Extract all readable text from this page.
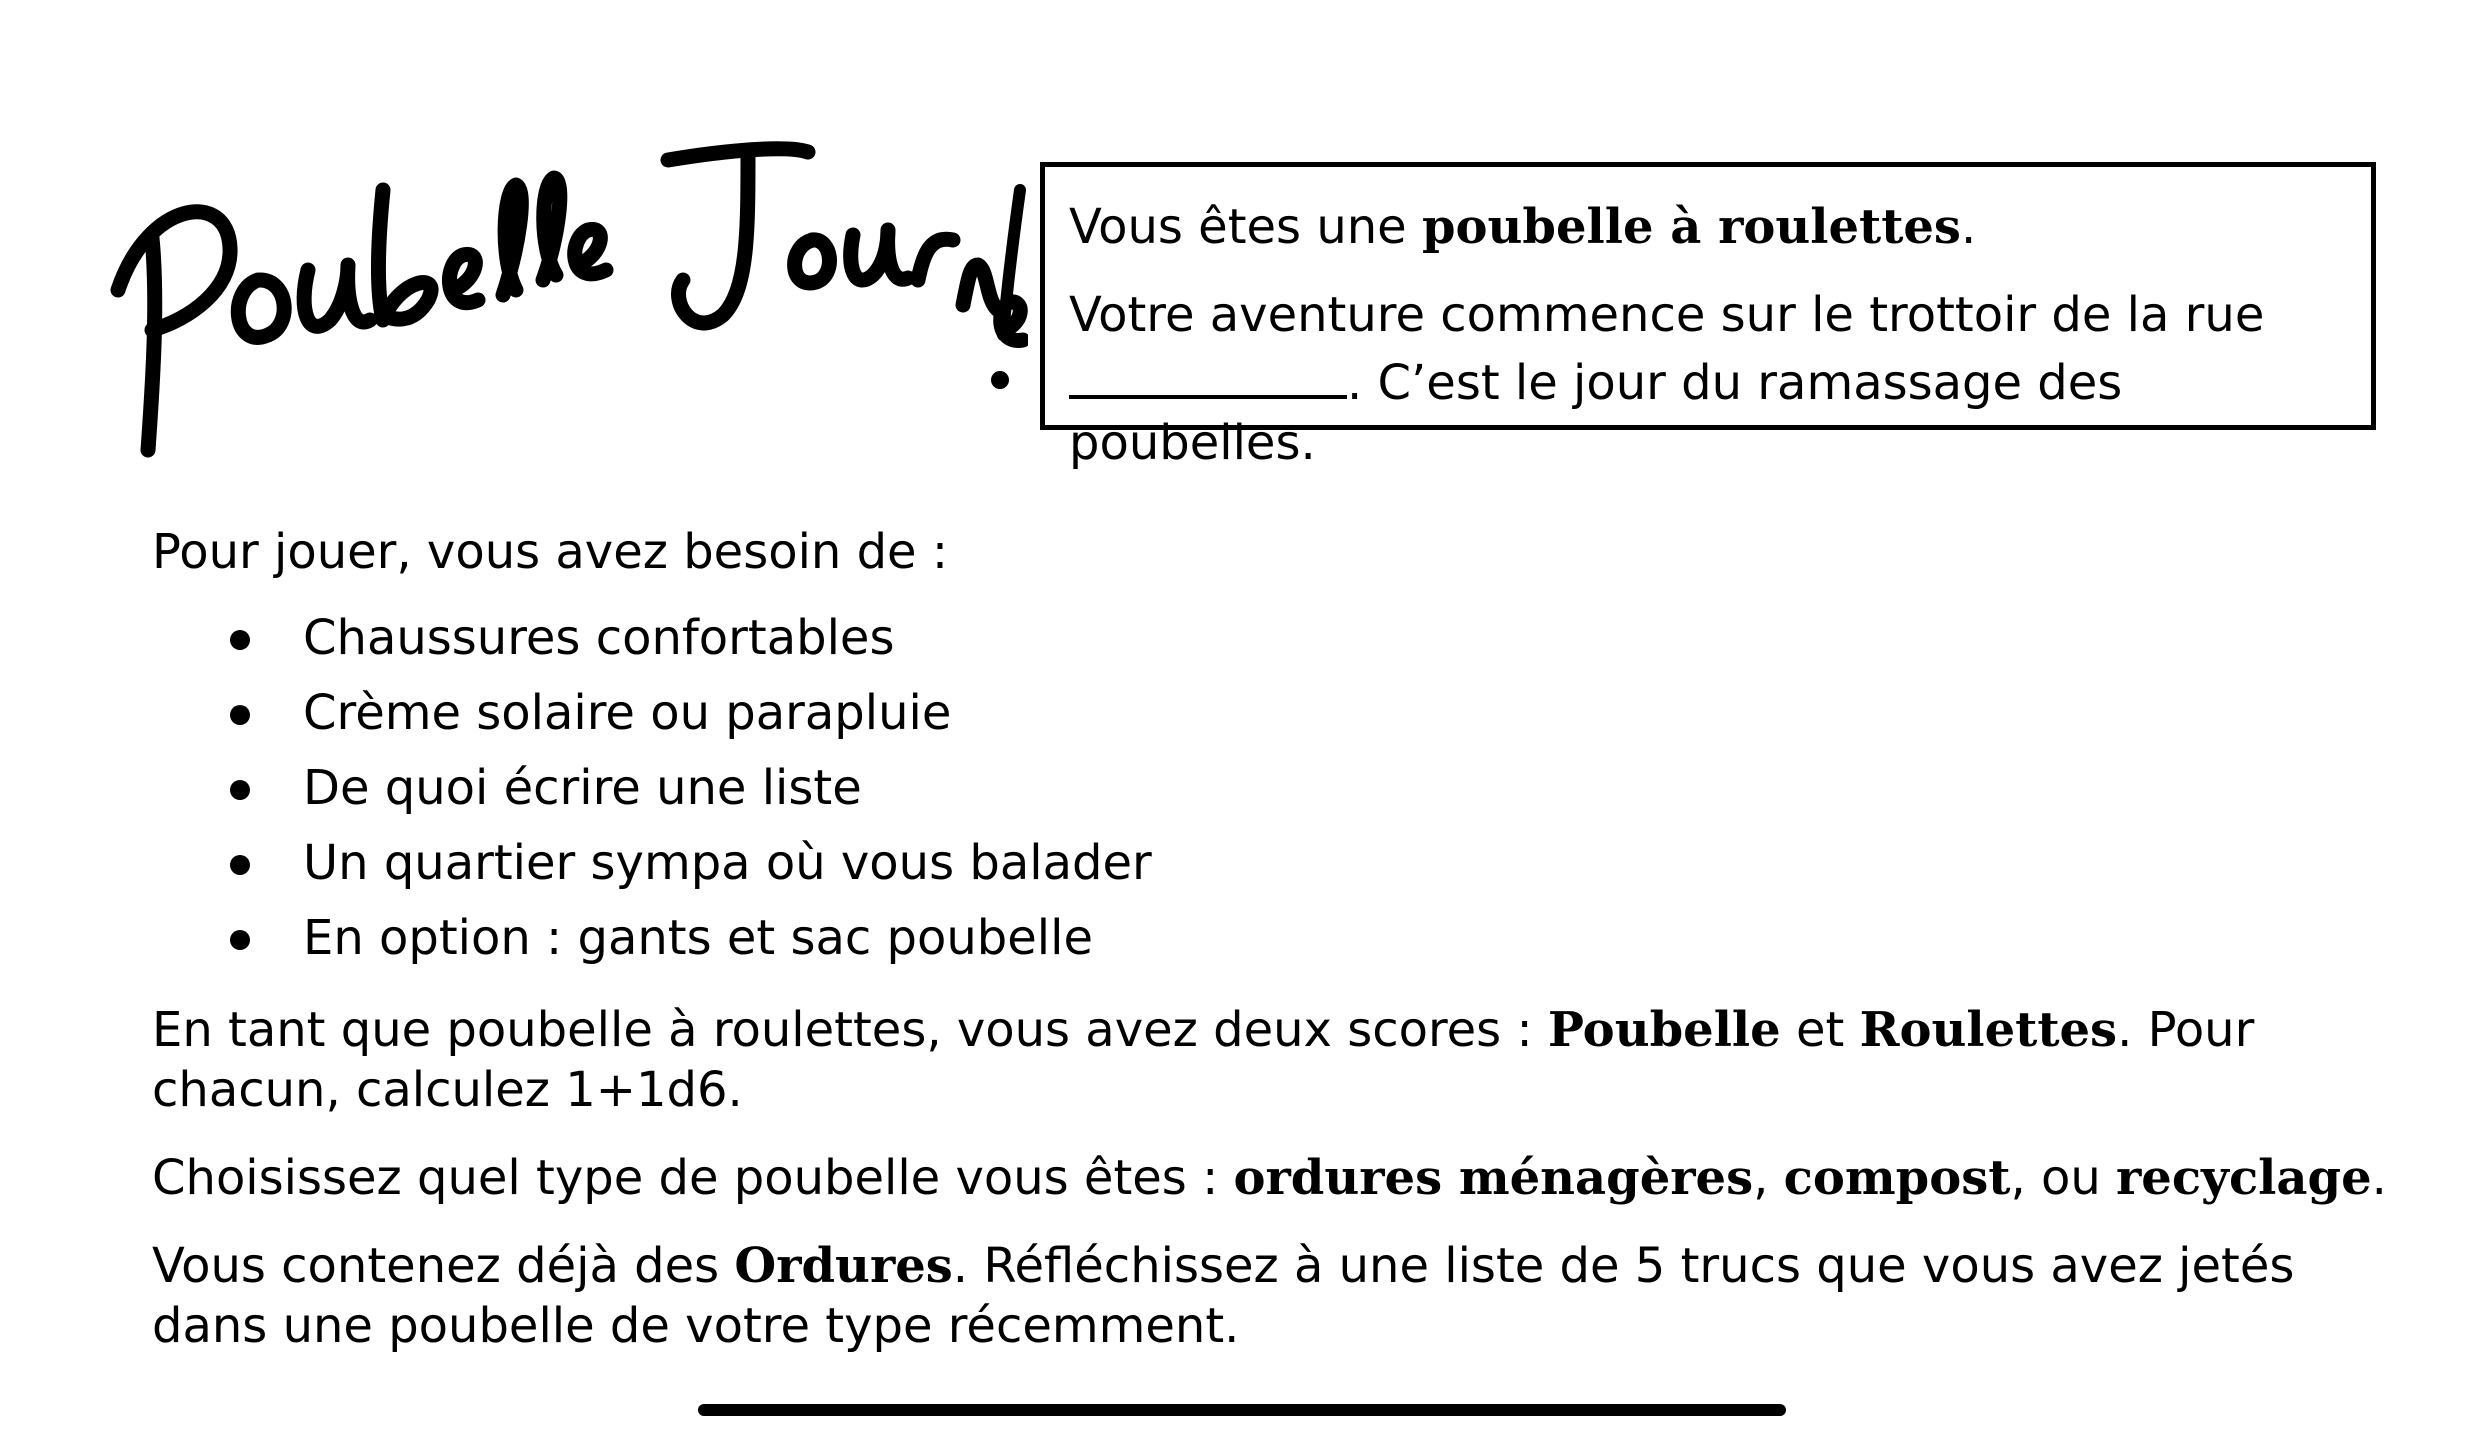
Vous êtes une poubelle à roulettes.

Votre aventure commence sur le trottoir de la rue
. C’est le jour du ramassage des poubelles.

Pour jouer, vous avez besoin de :

Chaussures confortables
Crème solaire ou parapluie
De quoi écrire une liste
Un quartier sympa où vous balader
En option : gants et sac poubelle

En tant que poubelle à roulettes, vous avez deux scores : Poubelle et Roulettes. Pour chacun, calculez 1+1d6.

Choisissez quel type de poubelle vous êtes : ordures ménagères, compost, ou recyclage.

Vous contenez déjà des Ordures. Réfléchissez à une liste de 5 trucs que vous avez jetés dans une poubelle de votre type récemment.
